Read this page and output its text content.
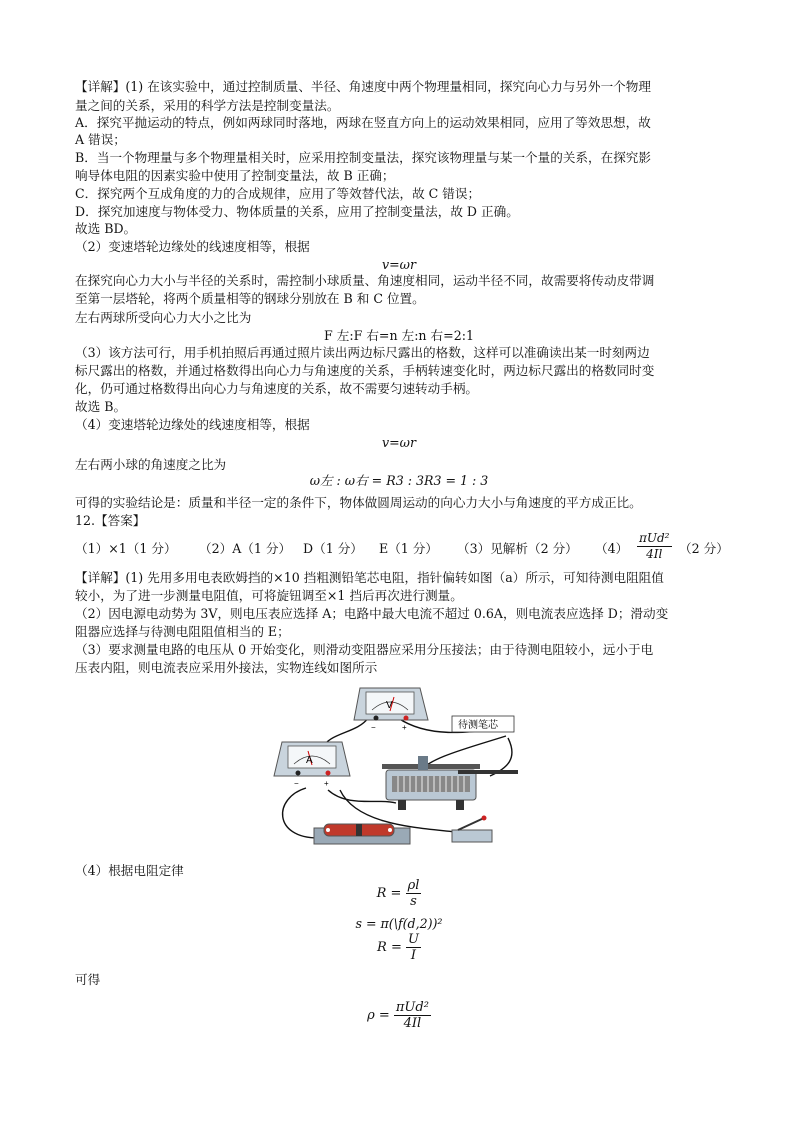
【详解】(1) 在该实验中，通过控制质量、半径、角速度中两个物理量相同，探究向心力与另外一个物理
量之间的关系，采用的科学方法是控制变量法。
A．探究平抛运动的特点，例如两球同时落地，两球在竖直方向上的运动效果相同，应用了等效思想，故
A 错误；
B．当一个物理量与多个物理量相关时，应采用控制变量法，探究该物理量与某一个量的关系，在探究影
响导体电阻的因素实验中使用了控制变量法，故 B 正确；
C．探究两个互成角度的力的合成规律，应用了等效替代法，故 C 错误；
D．探究加速度与物体受力、物体质量的关系，应用了控制变量法，故 D 正确。
故选 BD。
（2）变速塔轮边缘处的线速度相等，根据
v=ωr
在探究向心力大小与半径的关系时，需控制小球质量、角速度相同，运动半径不同，故需要将传动皮带调
至第一层塔轮，将两个质量相等的钢球分别放在 B 和 C 位置。
左右两球所受向心力大小之比为
F 左:F 右=n 左:n 右=2:1
（3）该方法可行，用手机拍照后再通过照片读出两边标尺露出的格数，这样可以准确读出某一时刻两边
标尺露出的格数，并通过格数得出向心力与角速度的关系，手柄转速变化时，两边标尺露出的格数同时变
化，仍可通过格数得出向心力与角速度的关系，故不需要匀速转动手柄。
故选 B。
（4）变速塔轮边缘处的线速度相等，根据
v=ωr
左右两小球的角速度之比为
ω左 : ω右 = R3 : 3R3 = 1 : 3
可得的实验结论是：质量和半径一定的条件下，物体做圆周运动的向心力大小与角速度的平方成正比。
12.【答案】
（1）×1（1 分） （2）A（1 分） D（1 分） E（1 分） （3）见解析（2 分） （4）
πUd²
4Il	（2 分）
【详解】(1) 先用多用电表欧姆挡的×10 挡粗测铅笔芯电阻，指针偏转如图（a）所示，可知待测电阻阻值
较小，为了进一步测量电阻值，可将旋钮调至×1 挡后再次进行测量。
（2）因电源电动势为 3V，则电压表应选择 A；电路中最大电流不超过 0.6A，则电流表应选择 D；滑动变
阻器应选择与待测电阻阻值相当的 E；
（3）要求测量电路的电压从 0 开始变化，则滑动变阻器应采用分压接法；由于待测电阻较小，远小于电
压表内阻，则电流表应采用外接法，实物连线如图所示
V
−	+	待测笔芯
A
−	+
（4）根据电阻定律
$R = \frac{\rho l}{s}$
s = π(\f(d,2))²
$R = \frac{U}{I}$
可得
$\rho = \frac{\text{πUd²}}{4Il}$
